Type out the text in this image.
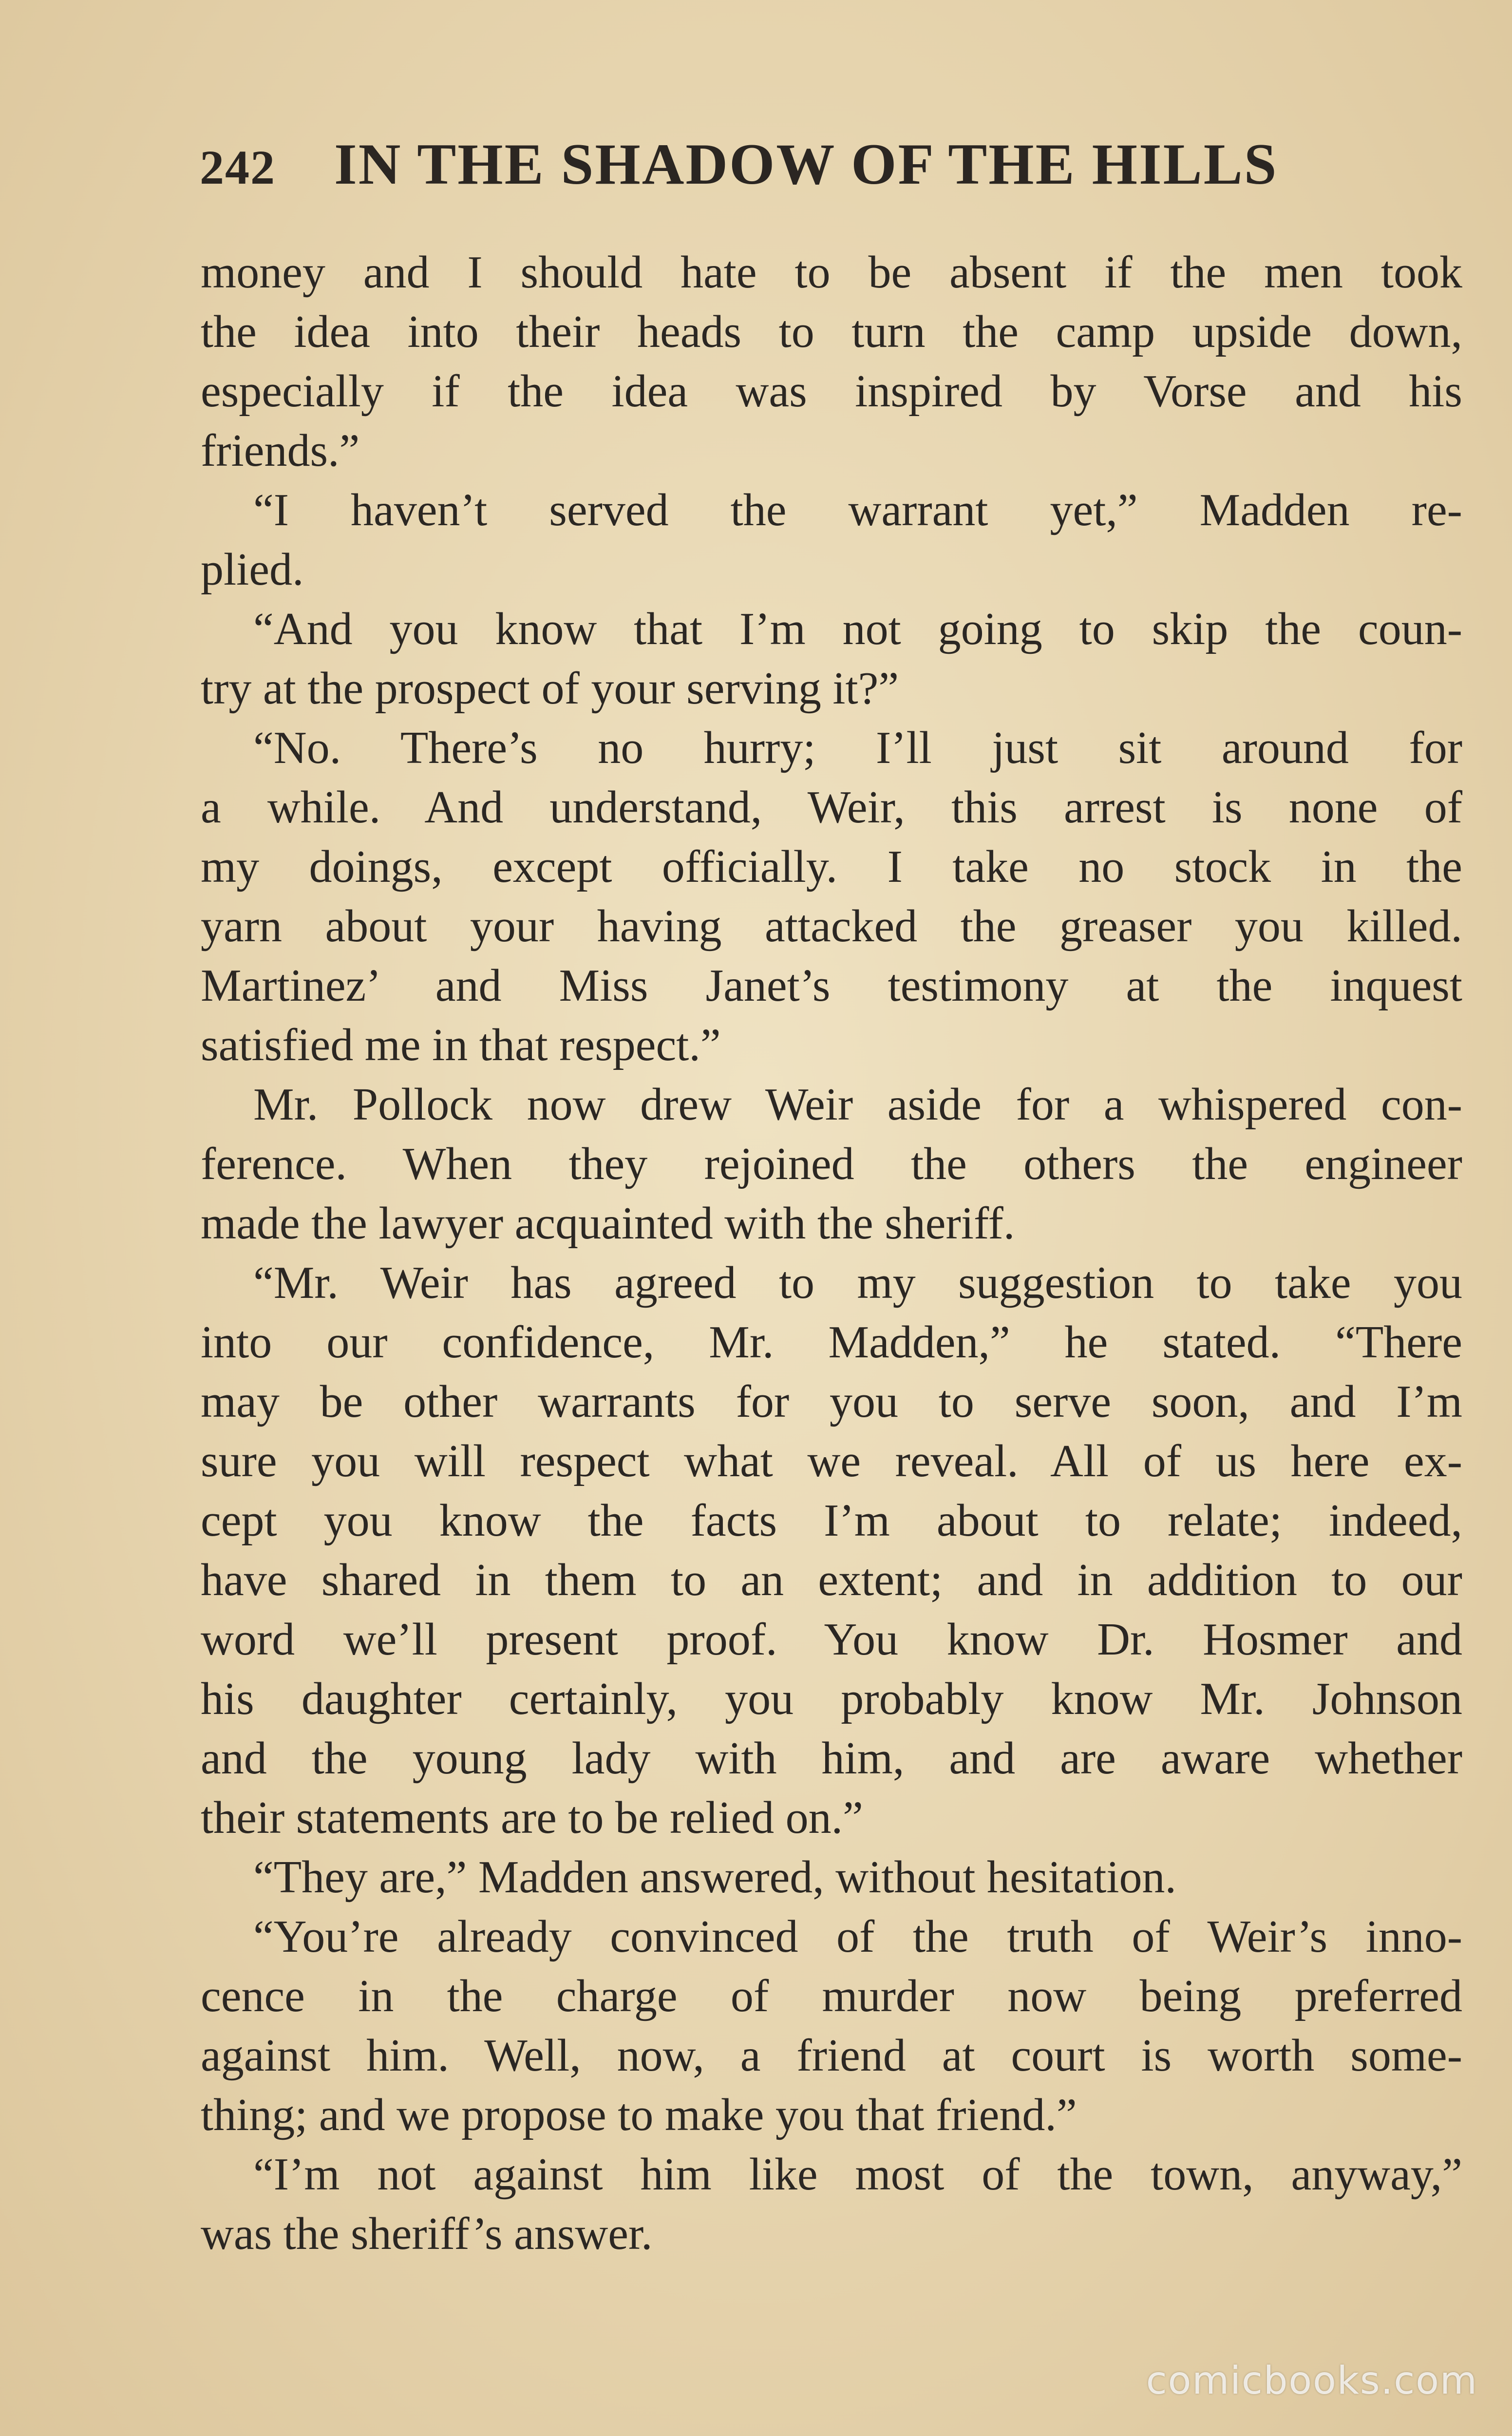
242 IN THE SHADOW OF THE HILLS
money and I should hate to be absent if the men took
the idea into their heads to turn the camp upside down,
especially if the idea was inspired by Vorse and his
friends.”
“I haven’t served the warrant yet,” Madden re-
plied.
“And you know that I’m not going to skip the coun-
try at the prospect of your serving it?”
“No. There’s no hurry; I’ll just sit around for
a while. And understand, Weir, this arrest is none of
my doings, except officially. I take no stock in the
yarn about your having attacked the greaser you killed.
Martinez’ and Miss Janet’s testimony at the inquest
satisfied me in that respect.”
Mr. Pollock now drew Weir aside for a whispered con-
ference. When they rejoined the others the engineer
made the lawyer acquainted with the sheriff.
“Mr. Weir has agreed to my suggestion to take you
into our confidence, Mr. Madden,” he stated. “There
may be other warrants for you to serve soon, and I’m
sure you will respect what we reveal. All of us here ex-
cept you know the facts I’m about to relate; indeed,
have shared in them to an extent; and in addition to our
word we’ll present proof. You know Dr. Hosmer and
his daughter certainly, you probably know Mr. Johnson
and the young lady with him, and are aware whether
their statements are to be relied on.”
“They are,” Madden answered, without hesitation.
“You’re already convinced of the truth of Weir’s inno-
cence in the charge of murder now being preferred
against him. Well, now, a friend at court is worth some-
thing; and we propose to make you that friend.”
“I’m not against him like most of the town, anyway,”
was the sheriff’s answer.
comicbooks.com
